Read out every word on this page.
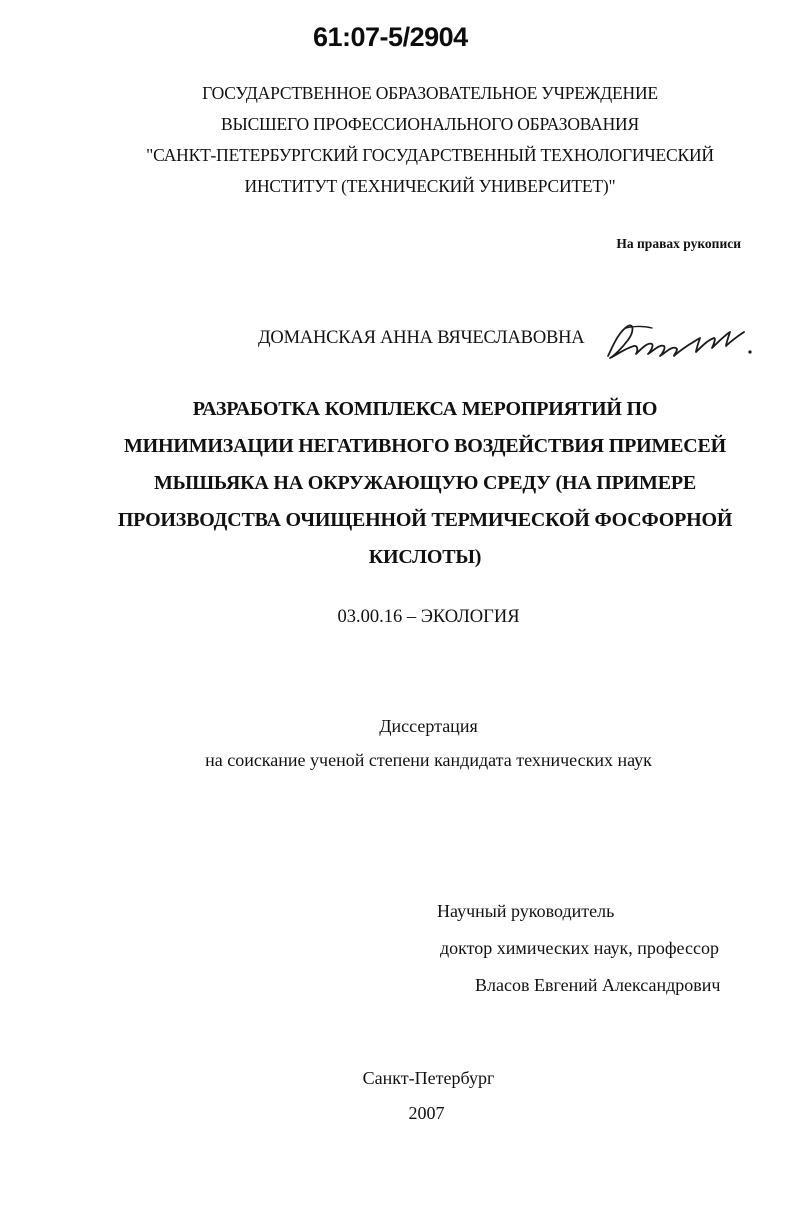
61:07-5/2904
ГОСУДАРСТВЕННОЕ ОБРАЗОВАТЕЛЬНОЕ УЧРЕЖДЕНИЕ
ВЫСШЕГО ПРОФЕССИОНАЛЬНОГО ОБРАЗОВАНИЯ
"САНКТ-ПЕТЕРБУРГСКИЙ ГОСУДАРСТВЕННЫЙ ТЕХНОЛОГИЧЕСКИЙ
ИНСТИТУТ (ТЕХНИЧЕСКИЙ УНИВЕРСИТЕТ)"
На правах рукописи
ДОМАНСКАЯ АННА ВЯЧЕСЛАВОВНА
РАЗРАБОТКА КОМПЛЕКСА МЕРОПРИЯТИЙ ПО
МИНИМИЗАЦИИ НЕГАТИВНОГО ВОЗДЕЙСТВИЯ ПРИМЕСЕЙ
МЫШЬЯКА НА ОКРУЖАЮЩУЮ СРЕДУ (НА ПРИМЕРЕ
ПРОИЗВОДСТВА ОЧИЩЕННОЙ ТЕРМИЧЕСКОЙ ФОСФОРНОЙ
КИСЛОТЫ)
03.00.16 – ЭКОЛОГИЯ
Диссертация
на соискание ученой степени кандидата технических наук
Научный руководитель
доктор химических наук, профессор
Власов Евгений Александрович
Санкт-Петербург
2007
